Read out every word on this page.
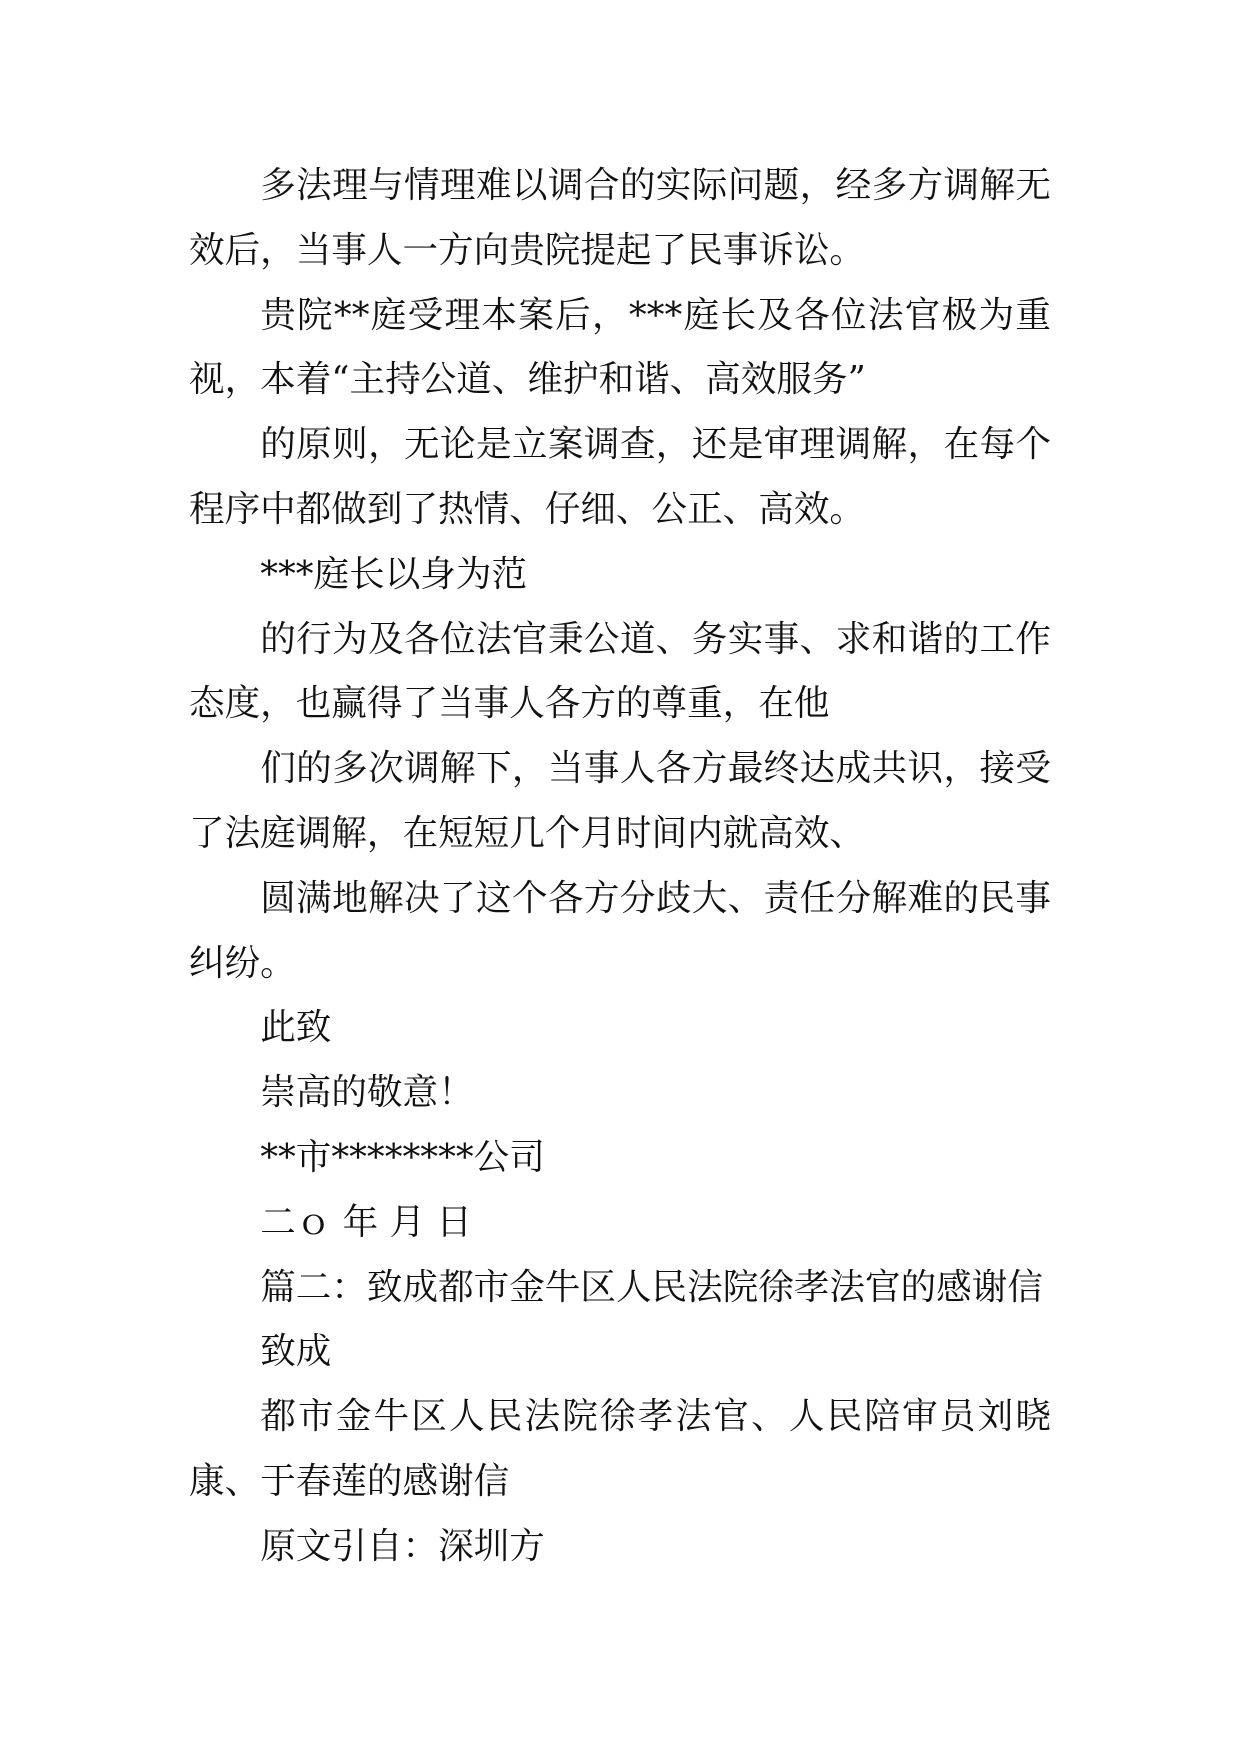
多法理与情理难以调合的实际问题，经多方调解无效后，当事人一方向贵院提起了民事诉讼。

贵院**庭受理本案后，***庭长及各位法官极为重视，本着“主持公道、维护和谐、高效服务”

的原则，无论是立案调查，还是审理调解，在每个程序中都做到了热情、仔细、公正、高效。

***庭长以身为范

的行为及各位法官秉公道、务实事、求和谐的工作态度，也赢得了当事人各方的尊重，在他

们的多次调解下，当事人各方最终达成共识，接受了法庭调解，在短短几个月时间内就高效、

圆满地解决了这个各方分歧大、责任分解难的民事纠纷。

此致

崇高的敬意！

**市********公司

二ｏ 年 月 日

篇二：致成都市金牛区人民法院徐孝法官的感谢信

致成

都市金牛区人民法院徐孝法官、人民陪审员刘晓康、于春莲的感谢信

原文引自：深圳方
